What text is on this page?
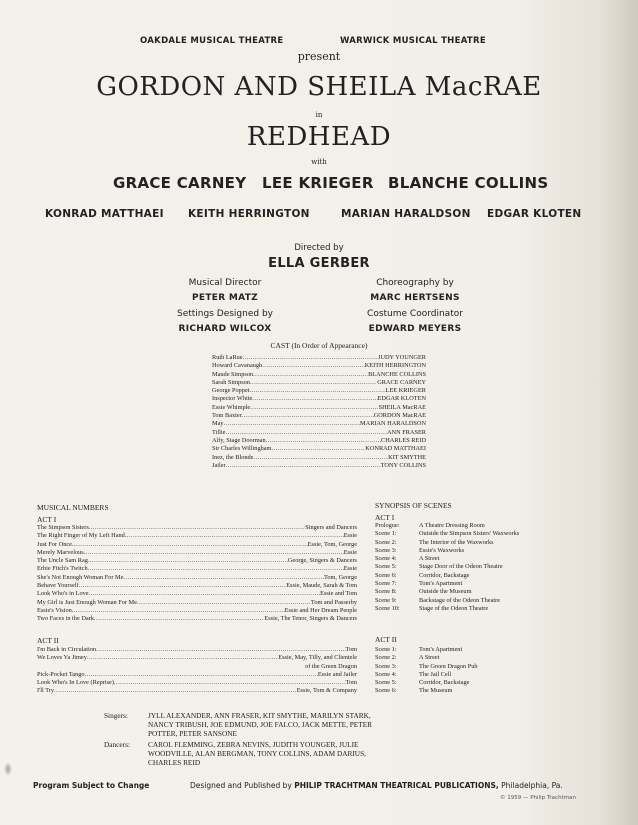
OAKDALE MUSICAL THEATRE	WARWICK MUSICAL THEATRE
present
GORDON AND SHEILA MacRAE
in
REDHEAD
with
GRACE CARNEY LEE KRIEGER BLANCHE COLLINS
KONRAD MATTHAEI KEITH HERRINGTON	MARIAN HARALDSON EDGAR KLOTEN
Directed by
ELLA GERBER
Musical Director
PETER MATZ
Choreography by
MARC HERTSENS
Settings Designed by
RICHARD WILCOX
Costume Coordinator
EDWARD MEYERS
CAST (In Order of Appearance)
Ruth LaRue .....	JUDY YOUNGER
Howard Cavanaugh .....	KEITH HERRINGTON
Maude Simpson .....	BLANCHE COLLINS
Sarah Simpson .....	GRACE CARNEY
George Poppet .....	LEE KRIEGER
Inspector White .....	EDGAR KLOTEN
Essie Whimple .....	SHEILA MacRAE
Tom Baxter .....	GORDON MacRAE
May .....	MARIAN HARALDSON
Tillie .....	ANN FRASER
Alfy, Stage Doorman .....	CHARLES REID
Sir Charles Willingham .....	KONRAD MATTHAEI
Inez, the Blonde .....	KIT SMYTHE
Jailer .....	TONY COLLINS
MUSICAL NUMBERS
ACT I
The Simpson Sisters .....	Singers and Dancers
The Right Finger of My Left Hand .....	Essie
Just For Once .....	Essie, Tom, George
Merely Marvelous .....	Essie
The Uncle Sam Rag .....	George, Singers & Dancers
Erbie Fitch's Twitch .....	Essie
She's Not Enough Woman For Me .....	Tom, George
Behave Yourself .....	Essie, Maude, Sarah & Tom
Look Who's in Love .....	Essie and Tom
My Girl is Just Enough Woman For Me .....	Tom and Passerby
Essie's Vision .....	Essie and Her Dream People
Two Faces in the Dark .....	Essie, The Tenor, Singers & Dancers
ACT II
I'm Back in Circulation .....	Tom
We Loves Ya Jimey .....	Essie, May, Tilly, and Clientele
of the Green Dragon
Pick-Pocket Tango .....	Essie and Jailer
Look Who's In Love (Reprise) .....	Tom
I'll Try .....	Essie, Tom & Company
SYNOPSIS OF SCENES
ACT I
Prologue:	A Theatre Dressing Room
Scene 1:	Outside the Simpson Sisters' Waxworks
Scene 2:	The Interior of the Waxworks
Scene 3:	Essie's Waxworks
Scene 4:	A Street
Scene 5:	Stage Door of the Odeon Theatre
Scene 6:	Corridor, Backstage
Scene 7:	Tom's Apartment
Scene 8:	Outside the Museum
Scene 9:	Backstage of the Odeon Theatre
Scene 10:	Stage of the Odeon Theatre
ACT II
Scene 1:	Tom's Apartment
Scene 2:	A Street
Scene 3:	The Green Dragon Pub
Scene 4:	The Jail Cell
Scene 5:	Corridor, Backstage
Scene 6:	The Museum
Singers:	JYLL ALEXANDER, ANN FRASER, KIT SMYTHE, MARILYN STARK,
NANCY TRIBUSH, JOE EDMUND, JOE FALCO, JACK METTE, PETER
POTTER, PETER SANSONE
Dancers: CAROL FLEMMING, ZEBRA NEVINS, JUDITH YOUNGER, JULIE
WOODVILLE, ALAN BERGMAN, TONY COLLINS, ADAM DARIUS,
CHARLES REID
Program Subject to Change	Designed and Published by PHILIP TRACHTMAN THEATRICAL PUBLICATIONS, Philadelphia, Pa.
© 1959 — Philip Trachtman
